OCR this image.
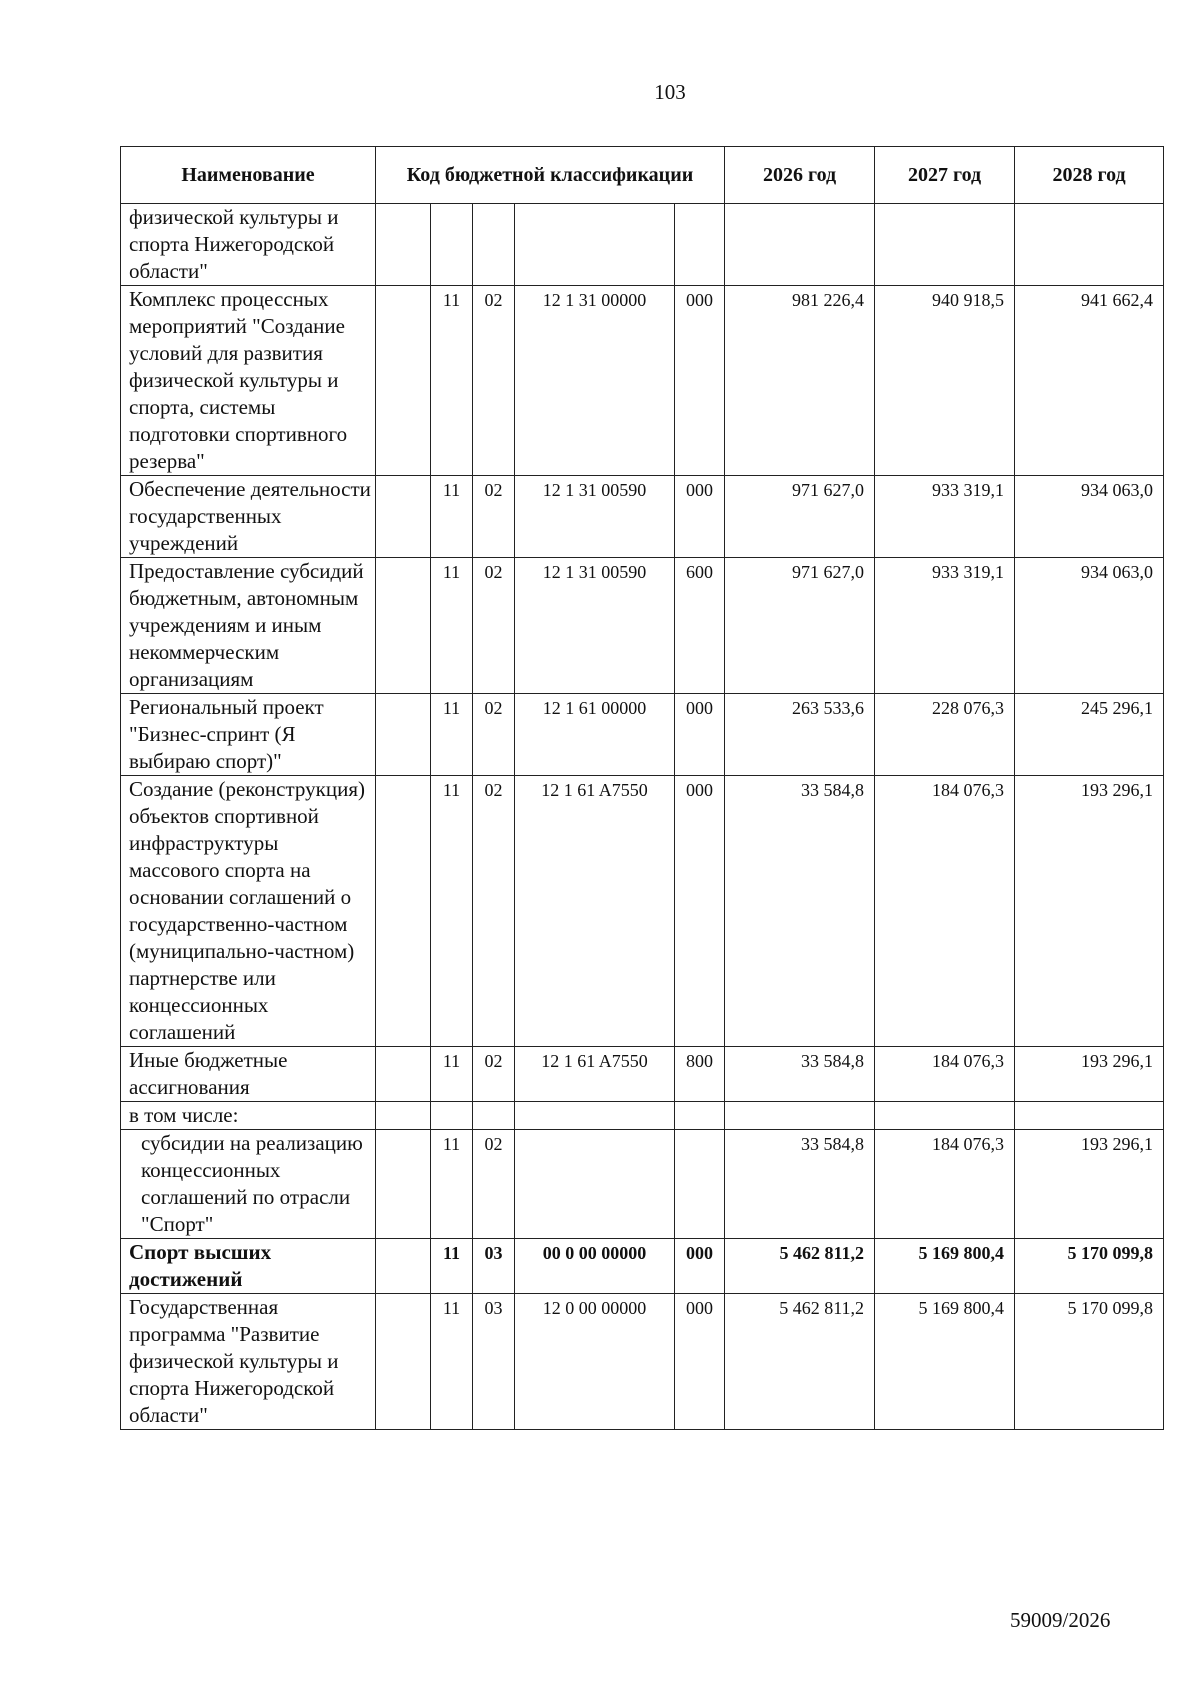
103
Наименование	Код бюджетной классификации					2026 год	2027 год	2028 год
физической культуры и спорта Нижегородской области"								
Комплекс процессных мероприятий "Создание условий для развития физической культуры и спорта, системы подготовки спортивного резерва"		11	02	12 1 31 00000	000	981 226,4	940 918,5	941 662,4
Обеспечение деятельности государственных учреждений		11	02	12 1 31 00590	000	971 627,0	933 319,1	934 063,0
Предоставление субсидий бюджетным, автономным учреждениям и иным некоммерческим организациям		11	02	12 1 31 00590	600	971 627,0	933 319,1	934 063,0
Региональный проект "Бизнес-спринт (Я выбираю спорт)"		11	02	12 1 61 00000	000	263 533,6	228 076,3	245 296,1
Создание (реконструкция) объектов спортивной инфраструктуры массового спорта на основании соглашений о государственно-частном (муниципально-частном) партнерстве или концессионных соглашений		11	02	12 1 61 A7550	000	33 584,8	184 076,3	193 296,1
Иные бюджетные ассигнования		11	02	12 1 61 A7550	800	33 584,8	184 076,3	193 296,1
в том числе:								
субсидии на реализацию концессионных соглашений по отрасли "Спорт"		11	02			33 584,8	184 076,3	193 296,1
Спорт высших достижений		11	03	00 0 00 00000	000	5 462 811,2	5 169 800,4	5 170 099,8
Государственная программа "Развитие физической культуры и спорта Нижегородской области"		11	03	12 0 00 00000	000	5 462 811,2	5 169 800,4	5 170 099,8
59009/2026
